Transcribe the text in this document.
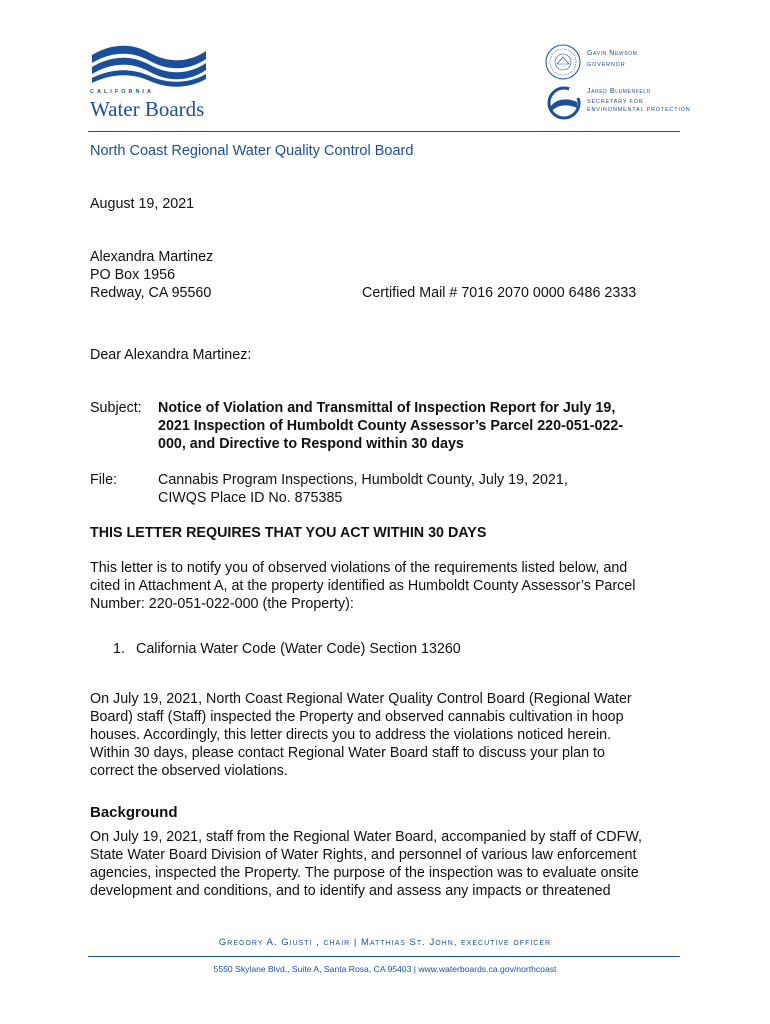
CALIFORNIA
Water Boards
Gavin Newsom
GOVERNOR
Jared Blumenfeld
SECRETARY FOR
ENVIRONMENTAL PROTECTION
North Coast Regional Water Quality Control Board
August 19, 2021
Alexandra Martinez
PO Box 1956
Redway, CA 95560	Certified Mail # 7016 2070 0000 6486 2333
Dear Alexandra Martinez:
Subject: Notice of Violation and Transmittal of Inspection Report for July 19,
2021 Inspection of Humboldt County Assessor’s Parcel 220-051-022-
000, and Directive to Respond within 30 days
File:	Cannabis Program Inspections, Humboldt County, July 19, 2021,
CIWQS Place ID No. 875385
THIS LETTER REQUIRES THAT YOU ACT WITHIN 30 DAYS
This letter is to notify you of observed violations of the requirements listed below, and
cited in Attachment A, at the property identified as Humboldt County Assessor’s Parcel
Number: 220-051-022-000 (the Property):
1. California Water Code (Water Code) Section 13260
On July 19, 2021, North Coast Regional Water Quality Control Board (Regional Water
Board) staff (Staff) inspected the Property and observed cannabis cultivation in hoop
houses. Accordingly, this letter directs you to address the violations noticed herein.
Within 30 days, please contact Regional Water Board staff to discuss your plan to
correct the observed violations.
Background
On July 19, 2021, staff from the Regional Water Board, accompanied by staff of CDFW,
State Water Board Division of Water Rights, and personnel of various law enforcement
agencies, inspected the Property. The purpose of the inspection was to evaluate onsite
development and conditions, and to identify and assess any impacts or threatened
Gregory A. Giusti , chair | Matthias St. John, executive officer
5550 Skylane Blvd., Suite A, Santa Rosa, CA 95403 | www.waterboards.ca.gov/northcoast
